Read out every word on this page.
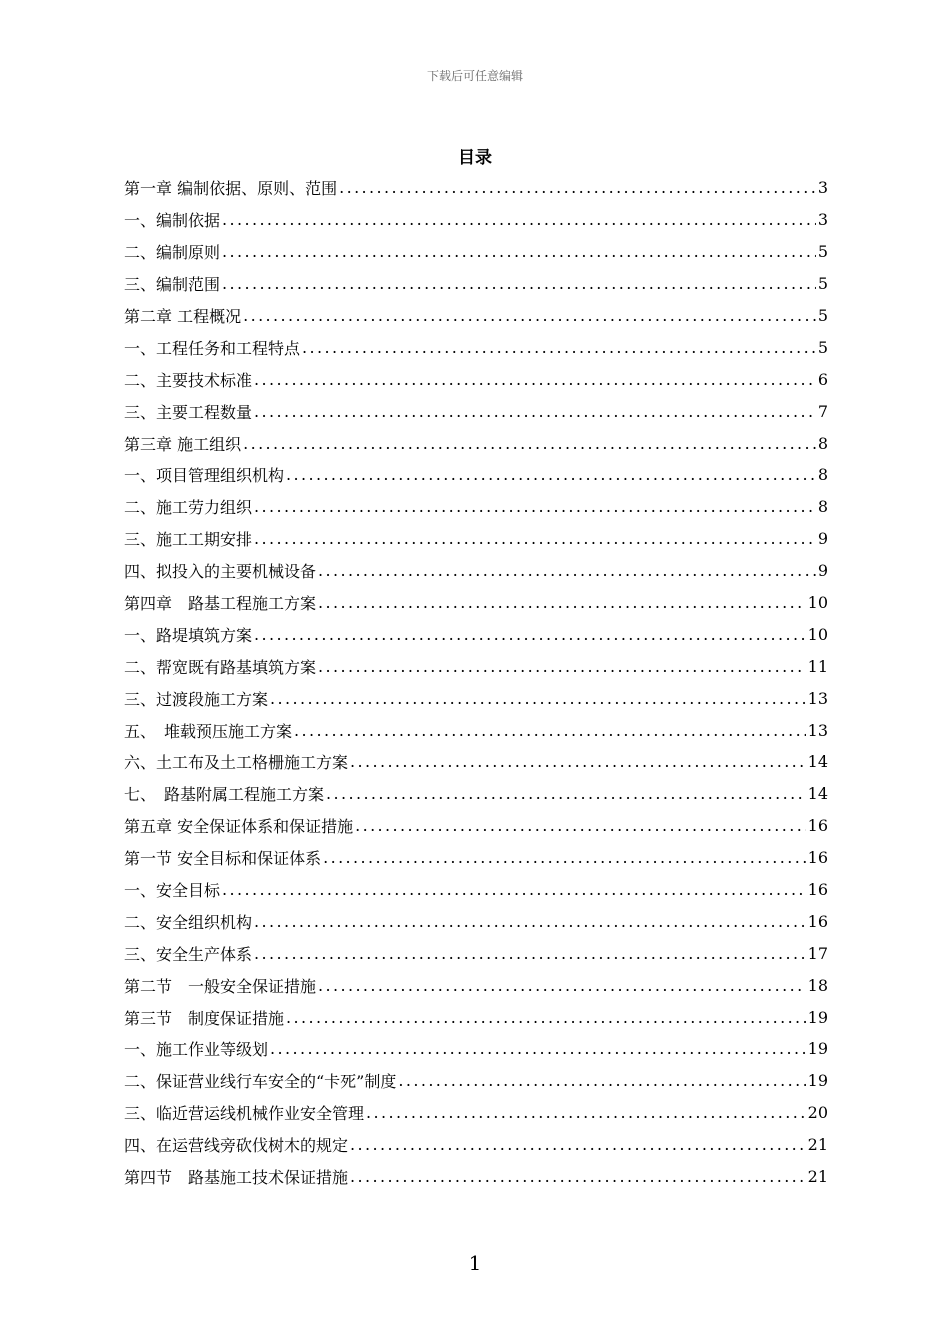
下载后可任意编辑
目录
第一章 编制依据、原则、范围 .....	3
一、编制依据 .....	3
二、编制原则 .....	5
三、编制范围 .....	5
第二章 工程概况 .....	5
一、工程任务和工程特点 .....	5
二、主要技术标准 .....	6
三、主要工程数量 .....	7
第三章 施工组织 .....	8
一、项目管理组织机构 .....	8
二、施工劳力组织 .....	8
三、施工工期安排 .....	9
四、拟投入的主要机械设备 .....	9
第四章　路基工程施工方案 .....	10
一、路堤填筑方案 .....	10
二、帮宽既有路基填筑方案 .....	11
三、过渡段施工方案 .....	13
五、　堆载预压施工方案 .....	13
六、土工布及土工格栅施工方案 .....	14
七、　路基附属工程施工方案 .....	14
第五章 安全保证体系和保证措施 .....	16
第一节 安全目标和保证体系 .....	16
一、安全目标 .....	16
二、安全组织机构 .....	16
三、安全生产体系 .....	17
第二节　一般安全保证措施 .....	18
第三节　制度保证措施 .....	19
一、施工作业等级划 .....	19
二、保证营业线行车安全的“卡死”制度 .....	19
三、临近营运线机械作业安全管理 .....	20
四、在运营线旁砍伐树木的规定 .....	21
第四节　路基施工技术保证措施 .....	21
1
